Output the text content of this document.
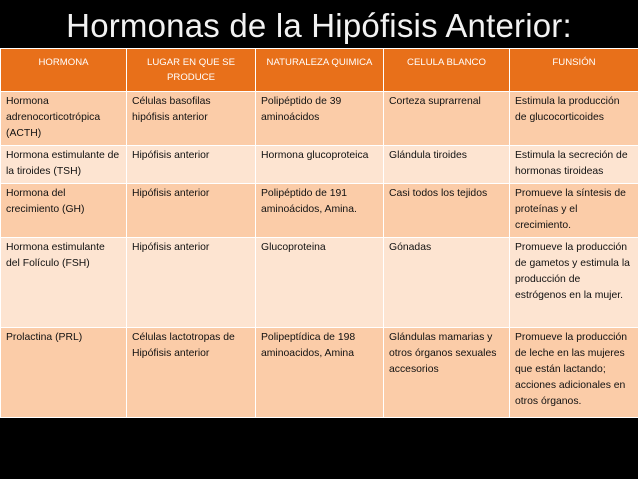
Hormonas de la Hipófisis Anterior:
HORMONA	LUGAR EN QUE SE PRODUCE	NATURALEZA QUIMICA	CELULA BLANCO	FUNSIÓN
Hormona adrenocorticotrópica (ACTH)	Células basofilas hipófisis anterior	Polipéptido de 39 aminoácidos	Corteza suprarrenal	Estimula la producción de glucocorticoides
Hormona estimulante de la tiroides (TSH)	Hipófisis anterior	Hormona glucoproteica	Glándula tiroides	Estimula la secreción de hormonas tiroideas
Hormona del crecimiento (GH)	Hipófisis anterior	Polipéptido de 191 aminoácidos, Amina.	Casi todos los tejidos	Promueve la síntesis de proteínas y el crecimiento.
Hormona estimulante del Folículo (FSH)	Hipófisis anterior	Glucoproteina	Gónadas	Promueve la producción de gametos y estimula la producción de estrógenos en la mujer.
Prolactina (PRL)	Células lactotropas de Hipófisis anterior	Polipeptídica de 198 aminoacidos, Amina	Glándulas mamarias y otros órganos sexuales accesorios	Promueve la producción de leche en las mujeres que están lactando; acciones adicionales en otros órganos.
